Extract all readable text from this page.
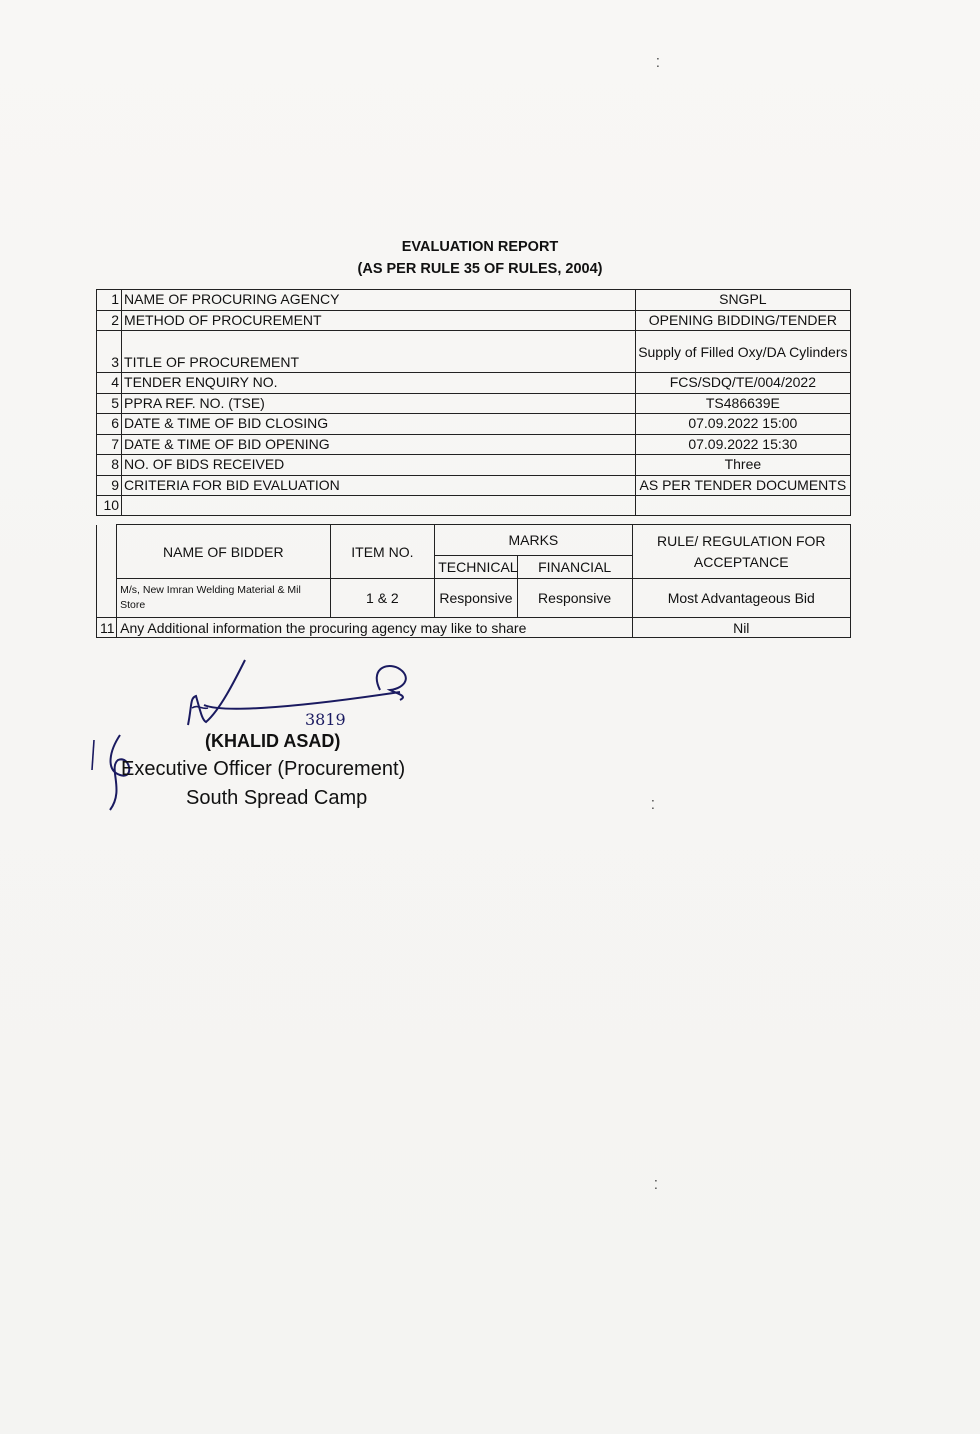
EVALUATION REPORT
(AS PER RULE 35 OF RULES, 2004)
1	NAME OF PROCURING AGENCY	SNGPL
2	METHOD OF PROCUREMENT	OPENING BIDDING/TENDER
3	TITLE OF PROCUREMENT	Supply of Filled Oxy/DA Cylinders
4	TENDER ENQUIRY NO.	FCS/SDQ/TE/004/2022
5	PPRA REF. NO. (TSE)	TS486639E
6	DATE & TIME OF BID CLOSING	07.09.2022 15:00
7	DATE & TIME OF BID OPENING	07.09.2022 15:30
8	NO. OF BIDS RECEIVED	Three
9	CRITERIA FOR BID EVALUATION	AS PER TENDER DOCUMENTS
10		
	NAME OF BIDDER	ITEM NO.	MARKS		RULE/ REGULATION FOR ACCEPTANCE
			TECHNICAL	FINANCIAL	
	M/s, New Imran Welding Material & Mil Store	1 & 2	Responsive	Responsive	Most Advantageous Bid
11	Any Additional information the procuring agency may like to share				Nil
3819
(KHALID ASAD)
Executive Officer (Procurement)
South Spread Camp
⁚
⁚
⁚
